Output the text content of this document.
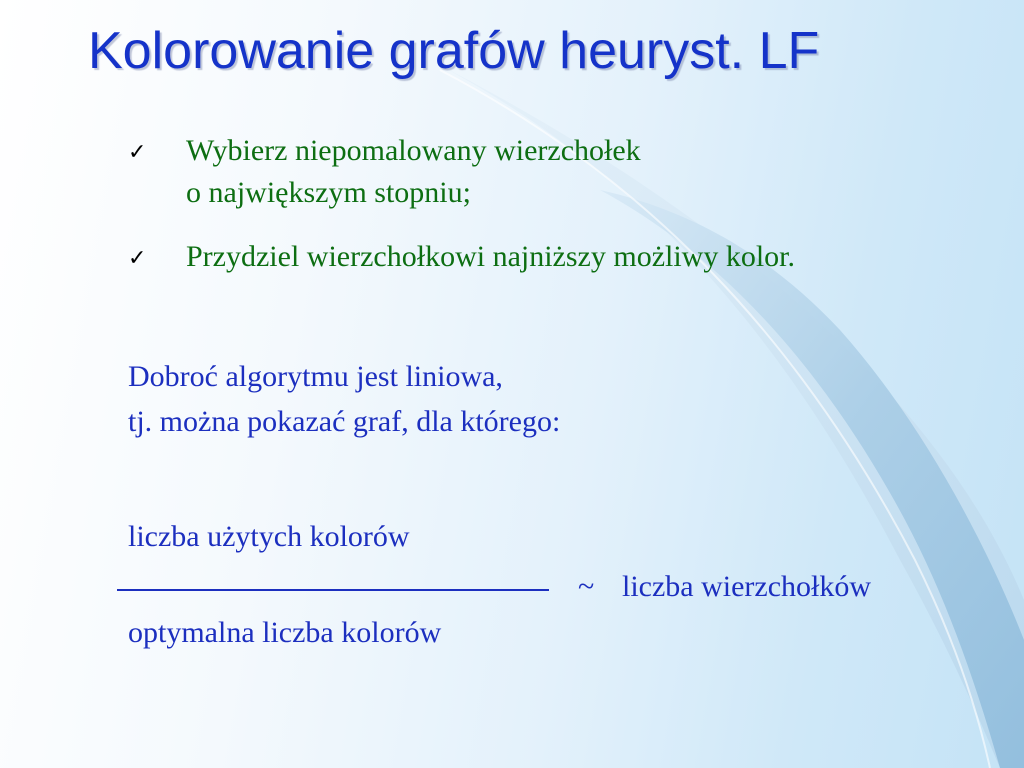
Kolorowanie grafów heuryst. LF
✓ Wybierz niepomalowany wierzchołek
o największym stopniu;
✓ Przydziel wierzchołkowi najniższy możliwy kolor.
Dobroć algorytmu jest liniowa,
tj. można pokazać graf, dla którego:
liczba użytych kolorów
~ liczba wierzchołków
optymalna liczba kolorów
